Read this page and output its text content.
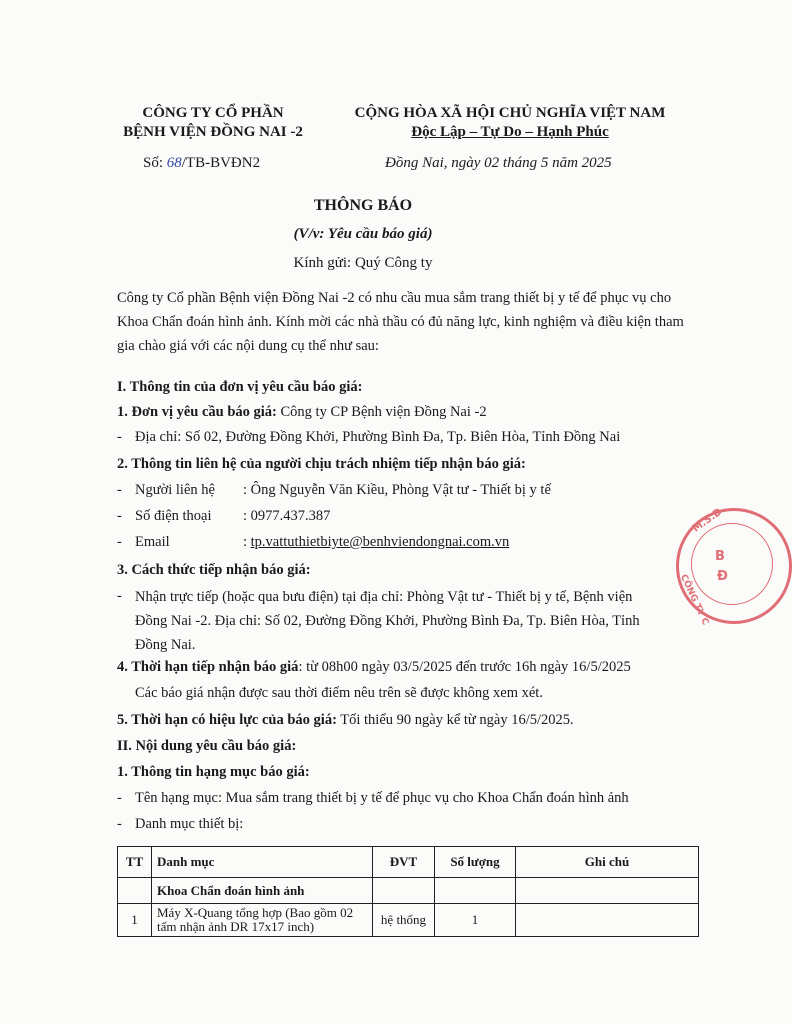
CÔNG TY CỔ PHẦN
BỆNH VIỆN ĐỒNG NAI -2
CỘNG HÒA XÃ HỘI CHỦ NGHĨA VIỆT NAM
Độc Lập – Tự Do – Hạnh Phúc
Số: 68/TB-BVĐN2	Đồng Nai, ngày 02 tháng 5 năm 2025
THÔNG BÁO
(V/v: Yêu cầu báo giá)
Kính gửi: Quý Công ty
Công ty Cổ phần Bệnh viện Đồng Nai -2 có nhu cầu mua sắm trang thiết bị y tế để phục vụ cho Khoa Chẩn đoán hình ảnh. Kính mời các nhà thầu có đủ năng lực, kinh nghiệm và điều kiện tham gia chào giá với các nội dung cụ thể như sau:
I. Thông tin của đơn vị yêu cầu báo giá:
1. Đơn vị yêu cầu báo giá: Công ty CP Bệnh viện Đồng Nai -2
- Địa chỉ: Số 02, Đường Đồng Khởi, Phường Bình Đa, Tp. Biên Hòa, Tỉnh Đồng Nai
2. Thông tin liên hệ của người chịu trách nhiệm tiếp nhận báo giá:
- Người liên hệ : Ông Nguyễn Văn Kiều, Phòng Vật tư - Thiết bị y tế
- Số điện thoại : 0977.437.387
- Email	: tp.vattuthietbiyte@benhviendongnai.com.vn
3. Cách thức tiếp nhận báo giá:
- Nhận trực tiếp (hoặc qua bưu điện) tại địa chỉ: Phòng Vật tư - Thiết bị y tế, Bệnh viện Đồng Nai -2. Địa chỉ: Số 02, Đường Đồng Khởi, Phường Bình Đa, Tp. Biên Hòa, Tỉnh Đồng Nai.
4. Thời hạn tiếp nhận báo giá: từ 08h00 ngày 03/5/2025 đến trước 16h ngày 16/5/2025
Các báo giá nhận được sau thời điểm nêu trên sẽ được không xem xét.
5. Thời hạn có hiệu lực của báo giá: Tối thiểu 90 ngày kể từ ngày 16/5/2025.
II. Nội dung yêu cầu báo giá:
1. Thông tin hạng mục báo giá:
- Tên hạng mục: Mua sắm trang thiết bị y tế để phục vụ cho Khoa Chẩn đoán hình ảnh
- Danh mục thiết bị:
TT	Danh mục	ĐVT	Số lượng	Ghi chú
	Khoa Chẩn đoán hình ảnh			
1	Máy X-Quang tổng hợp (Bao gồm 02 tấm nhận ảnh DR 17x17 inch)	hệ thống	1	
M.S.D
B
Đ
CÔNG TY C
